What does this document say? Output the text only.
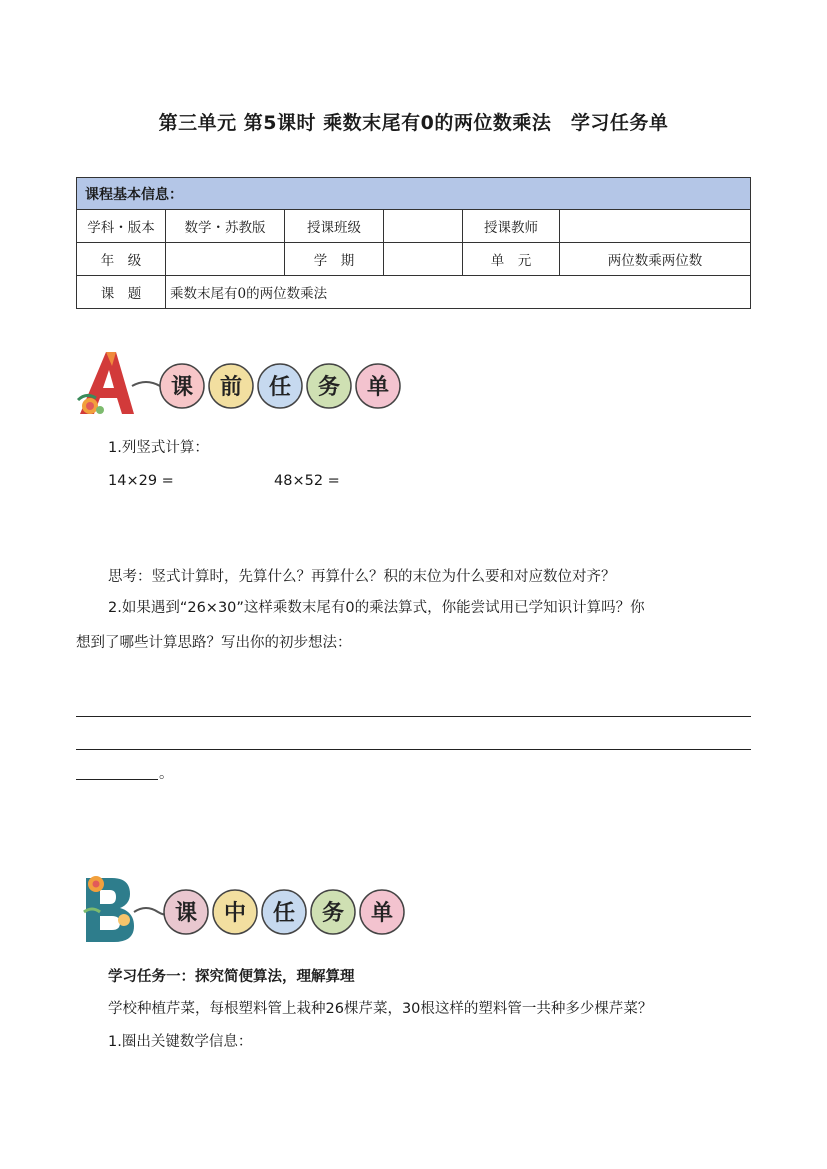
第三单元 第5课时 乘数末尾有0的两位数乘法　学习任务单
课程基本信息：					
学科・版本	数学・苏教版	授课班级		授课教师	
年　级		学　期		单　元	两位数乘两位数
课　题	乘数末尾有0的两位数乘法				
课 前 任 务 单
1.列竖式计算：
14×29 =	48×52 =
思考：竖式计算时，先算什么？再算什么？积的末位为什么要和对应数位对齐？
2.如果遇到“26×30”这样乘数末尾有0的乘法算式，你能尝试用已学知识计算吗？你
想到了哪些计算思路？写出你的初步想法：
。
课 中 任 务 单
学习任务一：探究简便算法，理解算理
学校种植芹菜，每根塑料管上栽种26棵芹菜，30根这样的塑料管一共种多少棵芹菜？
1.圈出关键数学信息：
